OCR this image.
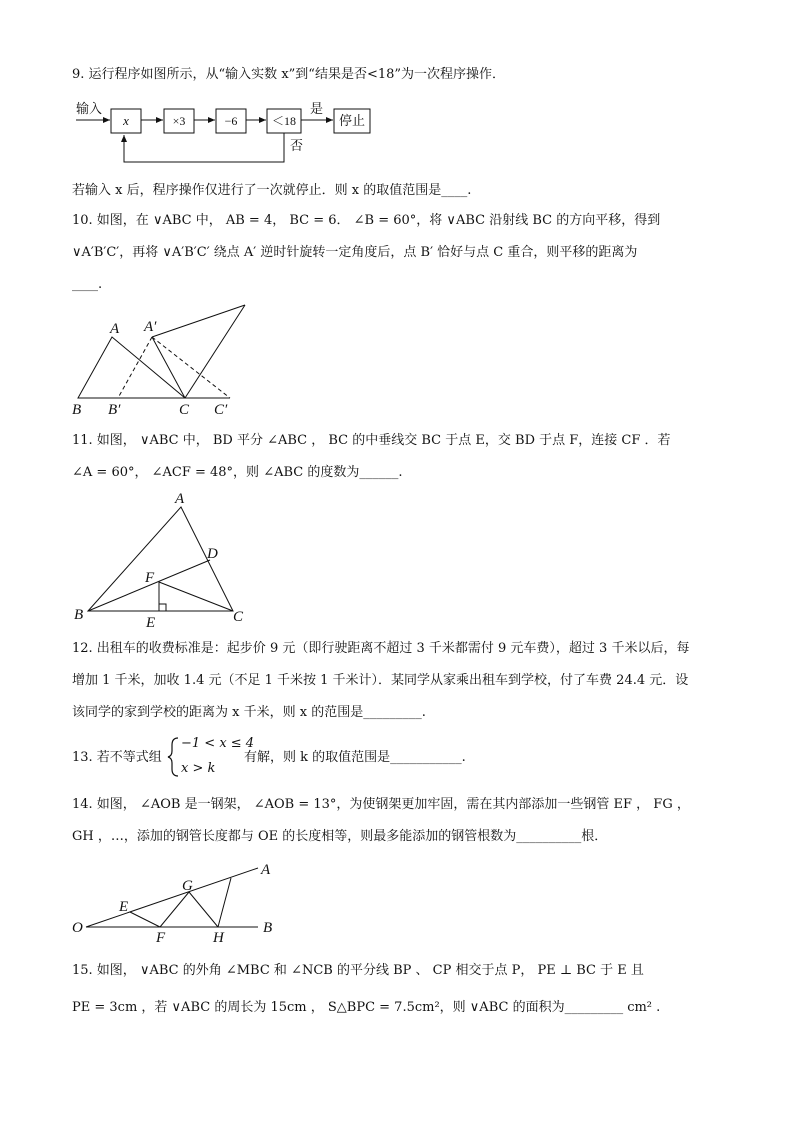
9. 运行程序如图所示，从“输入实数 x”到“结果是否<18”为一次程序操作．
输入
x	×3	−6	＜18
是
停止
否
若输入 x 后，程序操作仅进行了一次就停止．则 x 的取值范围是____.
10. 如图，在 ∨ABC 中， AB = 4， BC = 6． ∠B = 60°，将 ∨ABC 沿射线 BC 的方向平移，得到
∨A′B′C′，再将 ∨A′B′C′ 绕点 A′ 逆时针旋转一定角度后，点 B′ 恰好与点 C 重合，则平移的距离为
____.
A A′
B B′	C C′
11. 如图， ∨ABC 中， BD 平分 ∠ABC ， BC 的中垂线交 BC 于点 E，交 BD 于点 F，连接 CF ．若
∠A = 60°， ∠ACF = 48°，则 ∠ABC 的度数为______.
A
D
F
B	E	C
12. 出租车的收费标准是：起步价 9 元（即行驶距离不超过 3 千米都需付 9 元车费），超过 3 千米以后，每
增加 1 千米，加收 1.4 元（不足 1 千米按 1 千米计）．某同学从家乘出租车到学校，付了车费 24.4 元．设
该同学的家到学校的距离为 x 千米，则 x 的范围是_________.
13. 若不等式组
−1 < x ≤ 4
x > k
有解，则 k 的取值范围是___________.
14. 如图， ∠AOB 是一钢架， ∠AOB = 13°，为使钢架更加牢固，需在其内部添加一些钢管 EF ， FG ，
GH ，…，添加的钢管长度都与 OE 的长度相等，则最多能添加的钢管根数为__________根．
O
E
G
A
F	H
B
15. 如图， ∨ABC 的外角 ∠MBC 和 ∠NCB 的平分线 BP 、 CP 相交于点 P， PE ⊥ BC 于 E 且
PE = 3cm ，若 ∨ABC 的周长为 15cm ， S△BPC = 7.5cm²，则 ∨ABC 的面积为_________ cm² .
